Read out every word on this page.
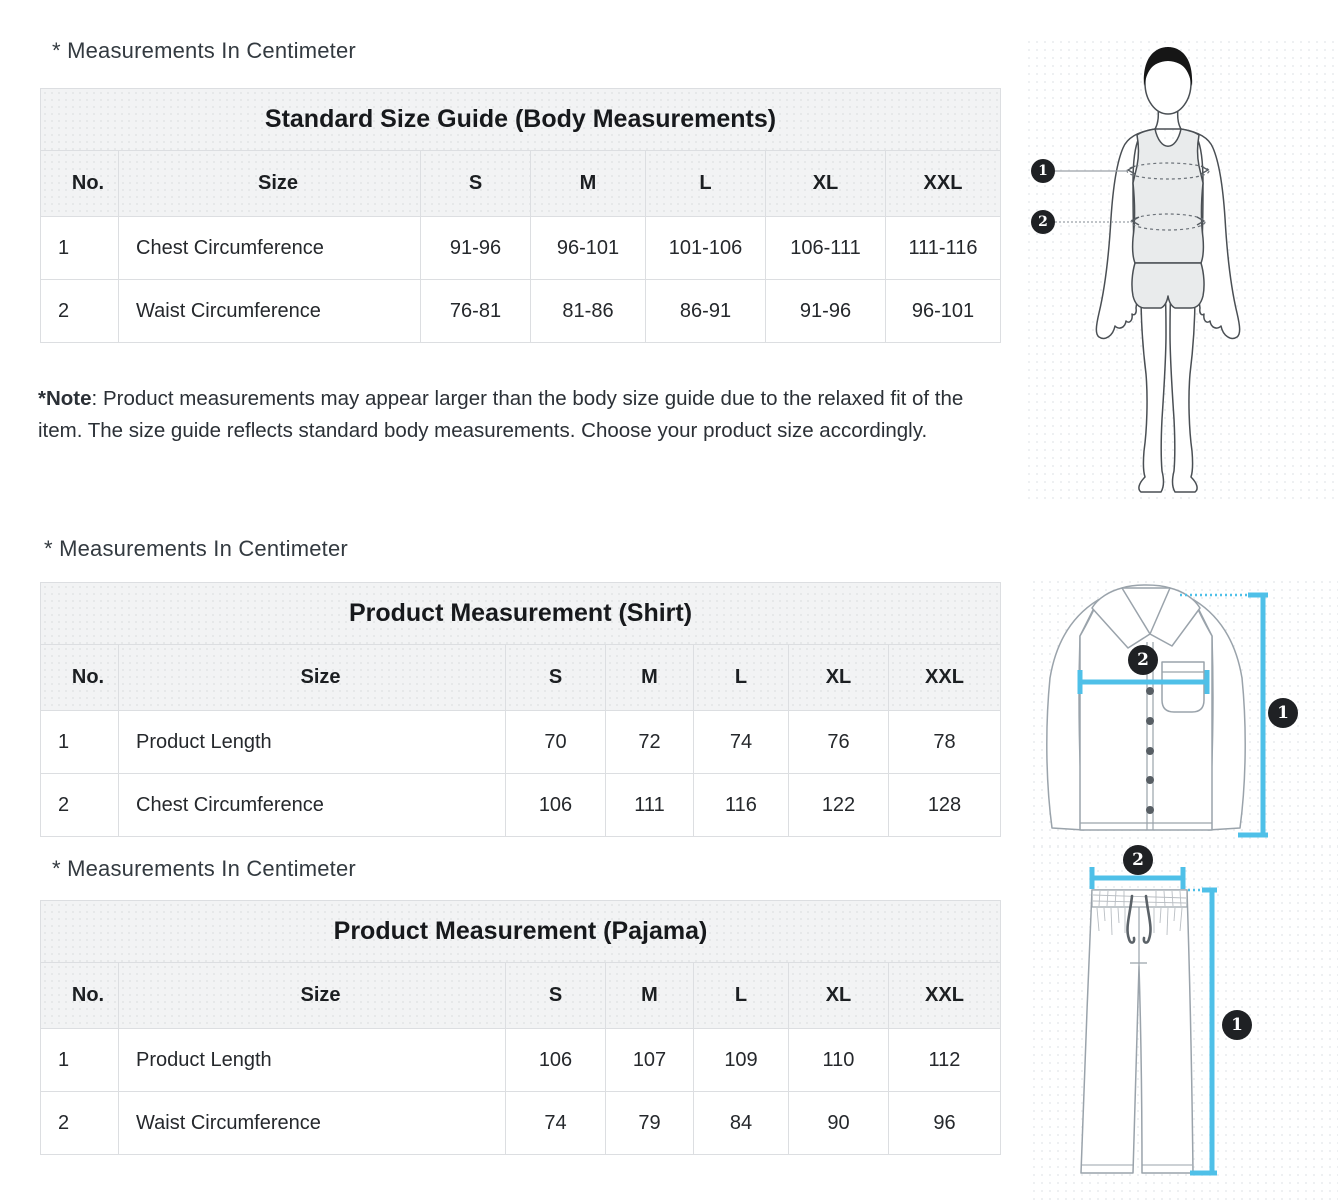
* Measurements In Centimeter
Standard Size Guide (Body Measurements)						
No.	Size	S	M	L	XL	XXL
1	Chest Circumference	91-96	96-101	101-106	106-111	111-116
2	Waist Circumference	76-81	81-86	86-91	91-96	96-101

*Note: Product measurements may appear larger than the body size guide due to the relaxed fit of the item. The size guide reflects standard body measurements. Choose your product size accordingly.

* Measurements In Centimeter
Product Measurement (Shirt)						
No.	Size	S	M	L	XL	XXL
1	Product Length	70	72	74	76	78
2	Chest Circumference	106	111	116	122	128
* Measurements In Centimeter
Product Measurement (Pajama)						
No.	Size	S	M	L	XL	XXL
1	Product Length	106	107	109	110	112
2	Waist Circumference	74	79	84	90	96
1
2
2
1
2
1
